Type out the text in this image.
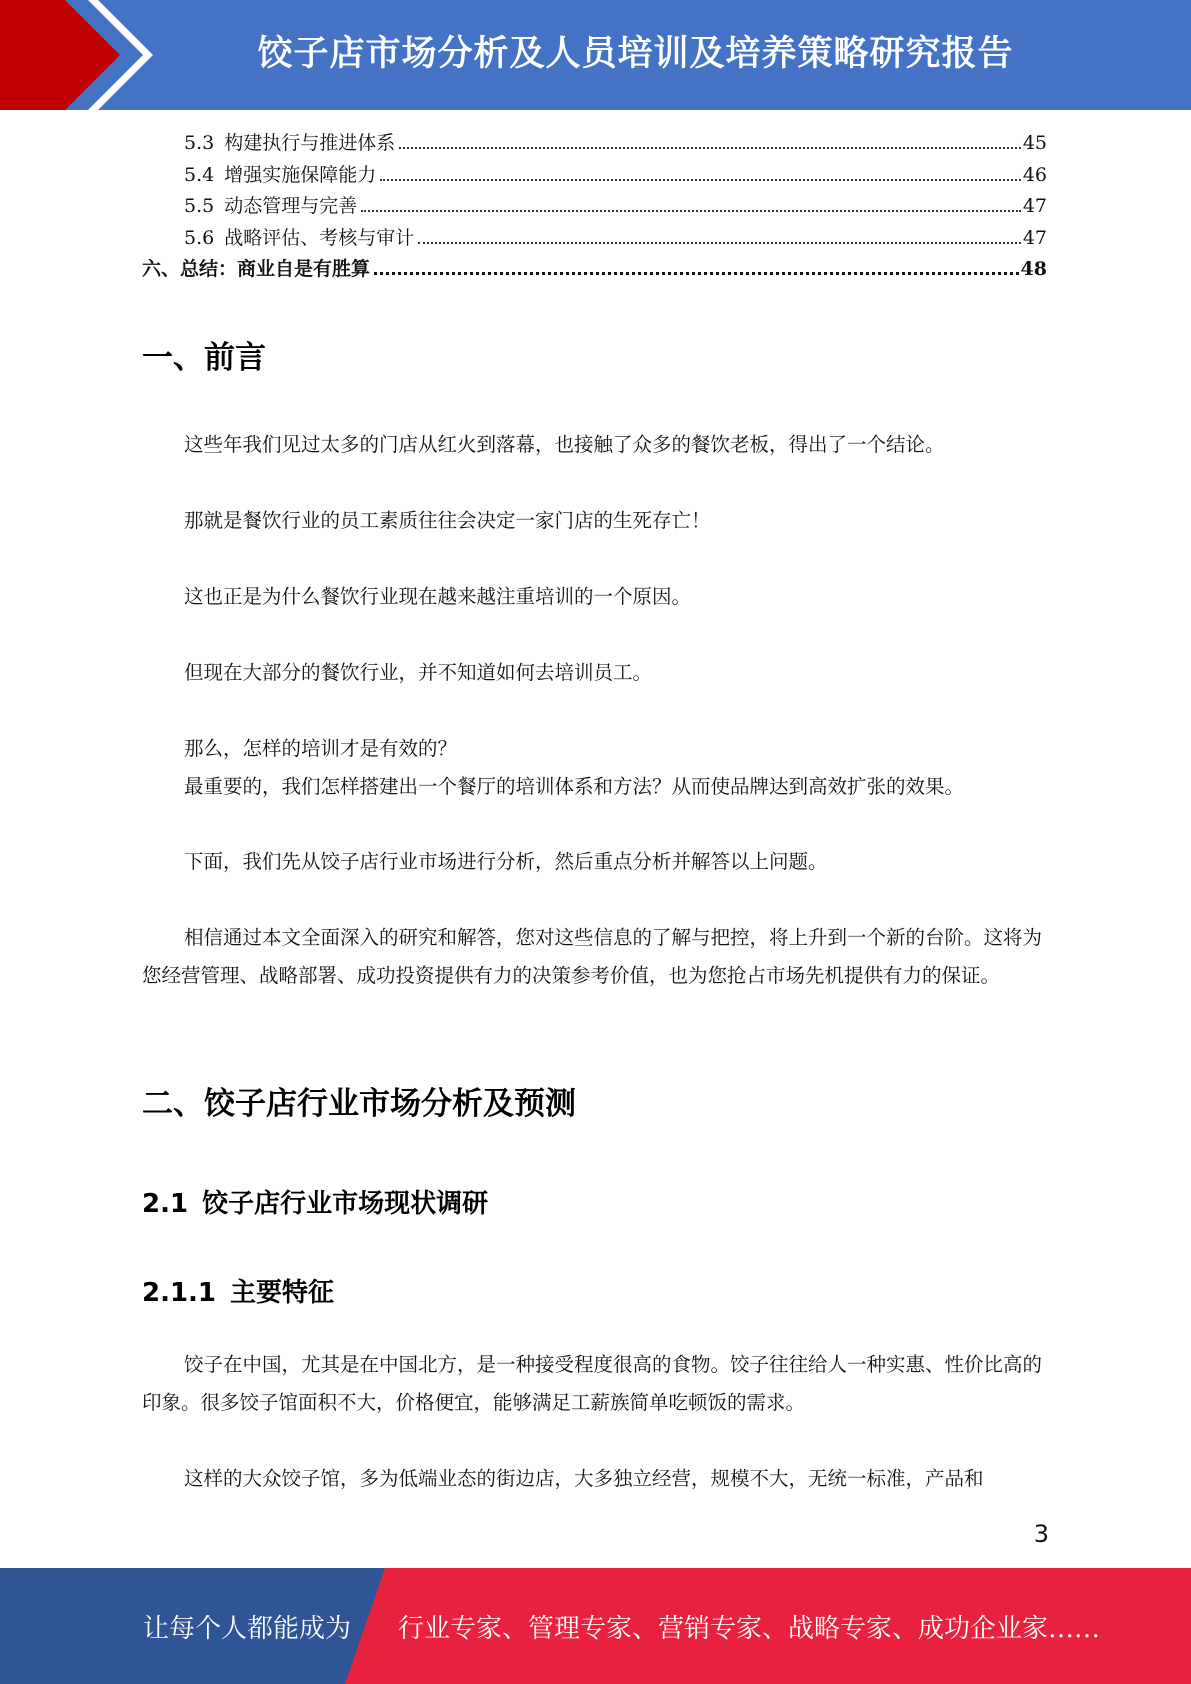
饺子店市场分析及人员培训及培养策略研究报告
5.3 构建执行与推进体系	45
5.4 增强实施保障能力	46
5.5 动态管理与完善	47
5.6 战略评估、考核与审计	47
六、总结：商业自是有胜算	48
一、前言

这些年我们见过太多的门店从红火到落幕，也接触了众多的餐饮老板，得出了一个结论。

那就是餐饮行业的员工素质往往会决定一家门店的生死存亡！

这也正是为什么餐饮行业现在越来越注重培训的一个原因。

但现在大部分的餐饮行业，并不知道如何去培训员工。

那么，怎样的培训才是有效的？

最重要的，我们怎样搭建出一个餐厅的培训体系和方法？从而使品牌达到高效扩张的效果。

下面，我们先从饺子店行业市场进行分析，然后重点分析并解答以上问题。

相信通过本文全面深入的研究和解答，您对这些信息的了解与把控，将上升到一个新的台阶。这将为您经营管理、战略部署、成功投资提供有力的决策参考价值，也为您抢占市场先机提供有力的保证。

二、饺子店行业市场分析及预测
2.1 饺子店行业市场现状调研
2.1.1 主要特征

饺子在中国，尤其是在中国北方，是一种接受程度很高的食物。饺子往往给人一种实惠、性价比高的印象。很多饺子馆面积不大，价格便宜，能够满足工薪族简单吃顿饭的需求。

这样的大众饺子馆，多为低端业态的街边店，大多独立经营，规模不大，无统一标准，产品和

3
让每个人都能成为 行业专家、管理专家、营销专家、战略专家、成功企业家……
